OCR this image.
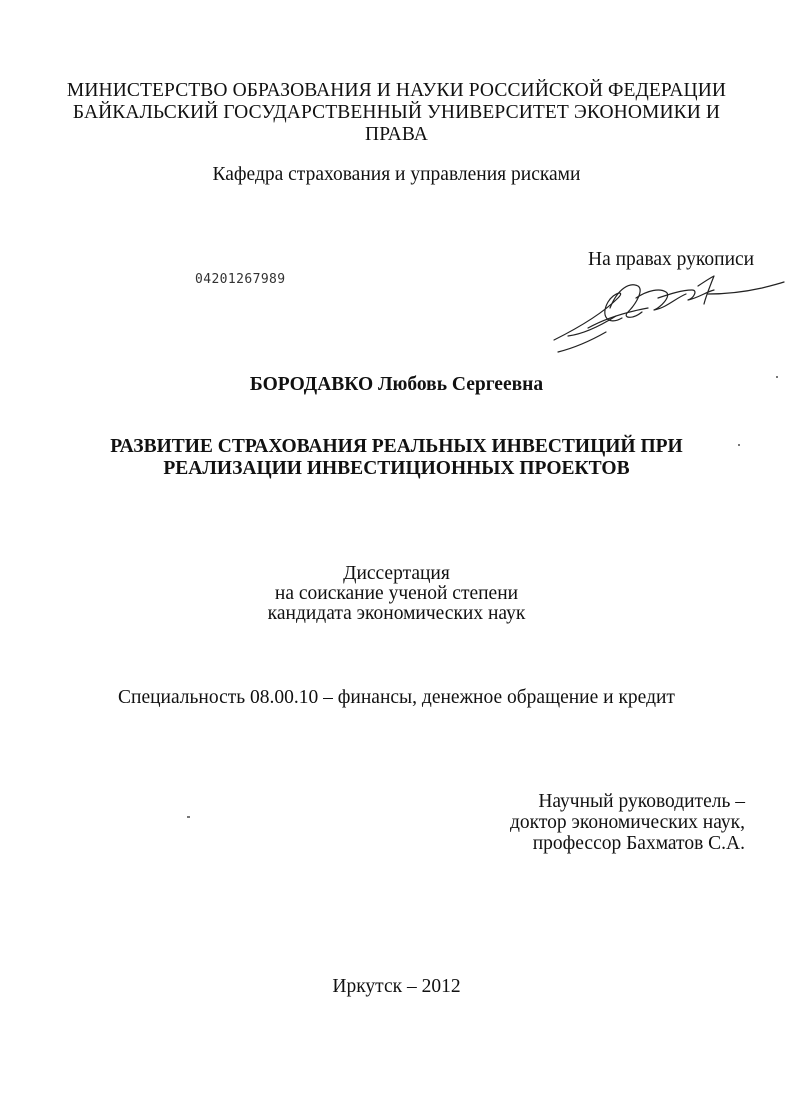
МИНИСТЕРСТВО ОБРАЗОВАНИЯ И НАУКИ РОССИЙСКОЙ ФЕДЕРАЦИИ
БАЙКАЛЬСКИЙ ГОСУДАРСТВЕННЫЙ УНИВЕРСИТЕТ ЭКОНОМИКИ И
ПРАВА
Кафедра страхования и управления рисками
На правах рукописи
04201267989
БОРОДАВКО Любовь Сергеевна
РАЗВИТИЕ СТРАХОВАНИЯ РЕАЛЬНЫХ ИНВЕСТИЦИЙ ПРИ
РЕАЛИЗАЦИИ ИНВЕСТИЦИОННЫХ ПРОЕКТОВ
Диссертация
на соискание ученой степени
кандидата экономических наук
Специальность 08.00.10 – финансы, денежное обращение и кредит
Научный руководитель –
доктор экономических наук,
профессор Бахматов С.А.
Иркутск – 2012
